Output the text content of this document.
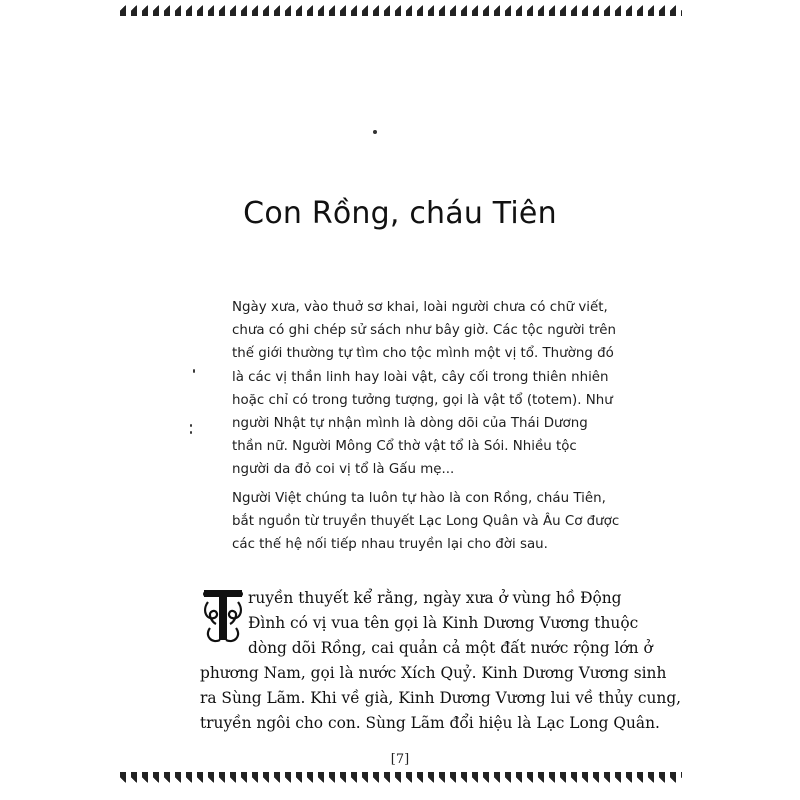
Con Rồng, cháu Tiên

Ngày xưa, vào thuở sơ khai, loài người chưa có chữ viết,
chưa có ghi chép sử sách như bây giờ. Các tộc người trên
thế giới thường tự tìm cho tộc mình một vị tổ. Thường đó
là các vị thần linh hay loài vật, cây cối trong thiên nhiên
hoặc chỉ có trong tưởng tượng, gọi là vật tổ (totem). Như
người Nhật tự nhận mình là dòng dõi của Thái Dương
thần nữ. Người Mông Cổ thờ vật tổ là Sói. Nhiều tộc
người da đỏ coi vị tổ là Gấu mẹ...

Người Việt chúng ta luôn tự hào là con Rồng, cháu Tiên,
bắt nguồn từ truyền thuyết Lạc Long Quân và Âu Cơ được
các thế hệ nối tiếp nhau truyền lại cho đời sau.

ruyền thuyết kể rằng, ngày xưa ở vùng hồ Động
Đình có vị vua tên gọi là Kinh Dương Vương thuộc
dòng dõi Rồng, cai quản cả một đất nước rộng lớn ở
phương Nam, gọi là nước Xích Quỷ. Kinh Dương Vương sinh
ra Sùng Lãm. Khi về già, Kinh Dương Vương lui về thủy cung,
truyền ngôi cho con. Sùng Lãm đổi hiệu là Lạc Long Quân.
[7]
